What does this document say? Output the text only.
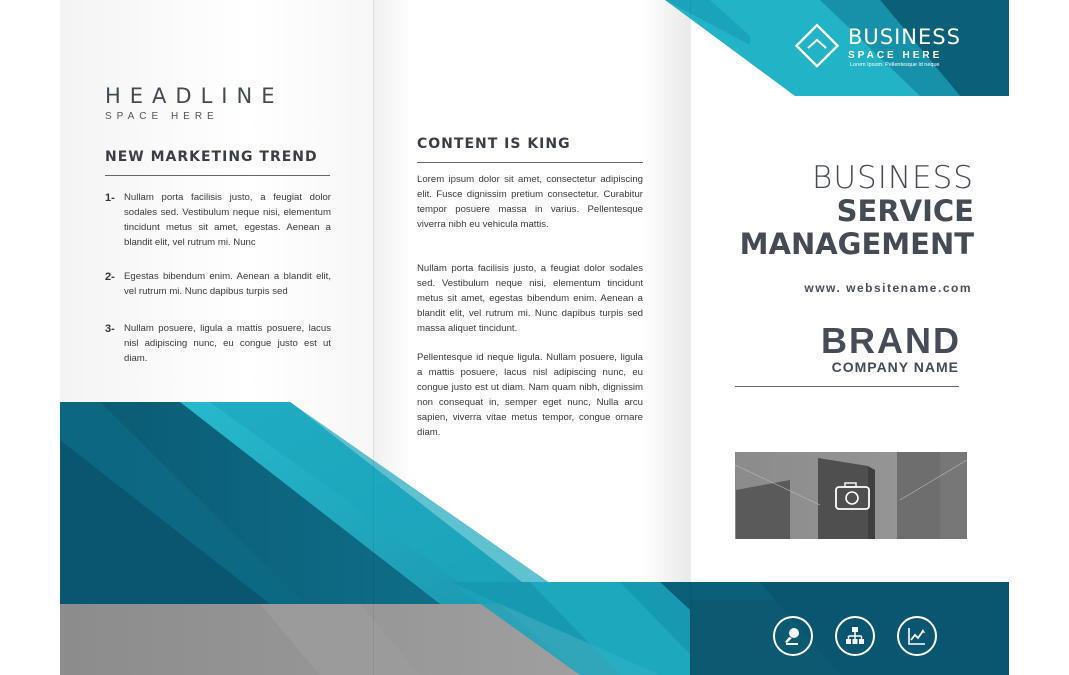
HEADLINE
SPACE HERE
NEW MARKETING TREND
1- Nullam porta facilisis justo, a feugiat dolor sodales sed. Vestibulum neque nisi, elementum tincidunt metus sit amet, egestas. Aenean a blandit elit, vel rutrum mi. Nunc
2- Egestas bibendum enim. Aenean a blandit elit, vel rutrum mi. Nunc dapibus turpis sed
3- Nullam posuere, ligula a mattis posuere, lacus nisl adipiscing nunc, eu congue justo est ut diam.
CONTENT IS KING
Lorem ipsum dolor sit amet, consectetur adipiscing elit. Fusce dignissim pretium consectetur. Curabitur tempor posuere massa in varius. Pellentesque viverra nibh eu vehicula mattis.
Nullam porta facilisis justo, a feugiat dolor sodales sed. Vestibulum neque nisi, elementum tincidunt metus sit amet, egestas bibendum enim. Aenean a blandit elit, vel rutrum mi. Nunc dapibus turpis sed massa aliquet tincidunt.
Pellentesque id neque ligula. Nullam posuere, ligula a mattis posuere, lacus nisl adipiscing nunc, eu congue justo est ut diam. Nam quam nibh, dignissim non consequat in, semper eget nunc, Nulla arcu sapien, viverra vitae metus tempor, congue ornare diam.
BUSINESS
SPACE HERE
Lorem Ipsum. Pellentesque id neque
BUSINESS
SERVICE
MANAGEMENT
www. websitename.com
BRAND
COMPANY NAME
